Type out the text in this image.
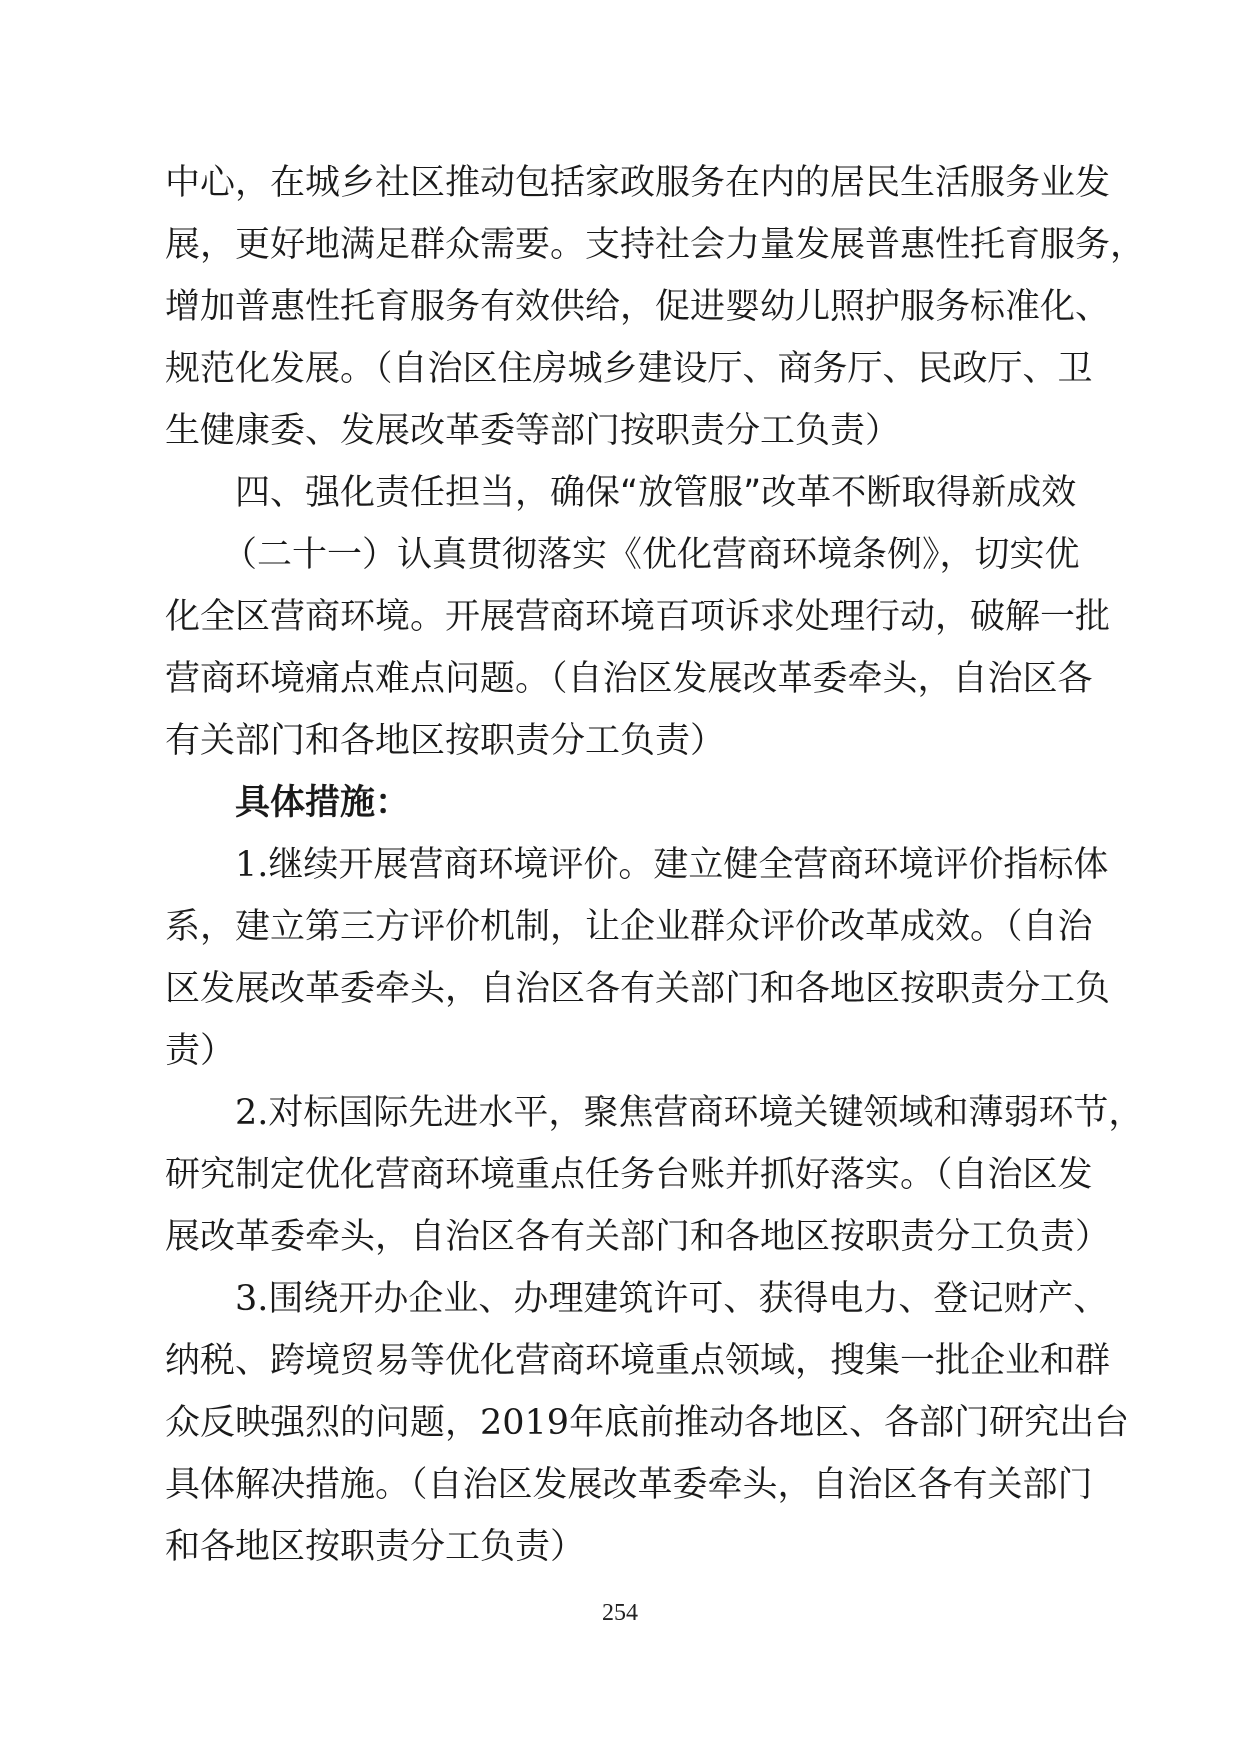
中心，在城乡社区推动包括家政服务在内的居民生活服务业发
展，更好地满足群众需要。支持社会力量发展普惠性托育服务，
增加普惠性托育服务有效供给，促进婴幼儿照护服务标准化、
规范化发展。（自治区住房城乡建设厅、商务厅、民政厅、卫
生健康委、发展改革委等部门按职责分工负责）
四、强化责任担当，确保“放管服”改革不断取得新成效
（二十一）认真贯彻落实《优化营商环境条例》，切实优
化全区营商环境。开展营商环境百项诉求处理行动，破解一批
营商环境痛点难点问题。（自治区发展改革委牵头，自治区各
有关部门和各地区按职责分工负责）
具体措施：
1.继续开展营商环境评价。建立健全营商环境评价指标体
系，建立第三方评价机制，让企业群众评价改革成效。（自治
区发展改革委牵头，自治区各有关部门和各地区按职责分工负
责）
2.对标国际先进水平，聚焦营商环境关键领域和薄弱环节，
研究制定优化营商环境重点任务台账并抓好落实。（自治区发
展改革委牵头，自治区各有关部门和各地区按职责分工负责）
3.围绕开办企业、办理建筑许可、获得电力、登记财产、
纳税、跨境贸易等优化营商环境重点领域，搜集一批企业和群
众反映强烈的问题，2019年底前推动各地区、各部门研究出台
具体解决措施。（自治区发展改革委牵头，自治区各有关部门
和各地区按职责分工负责）
254
